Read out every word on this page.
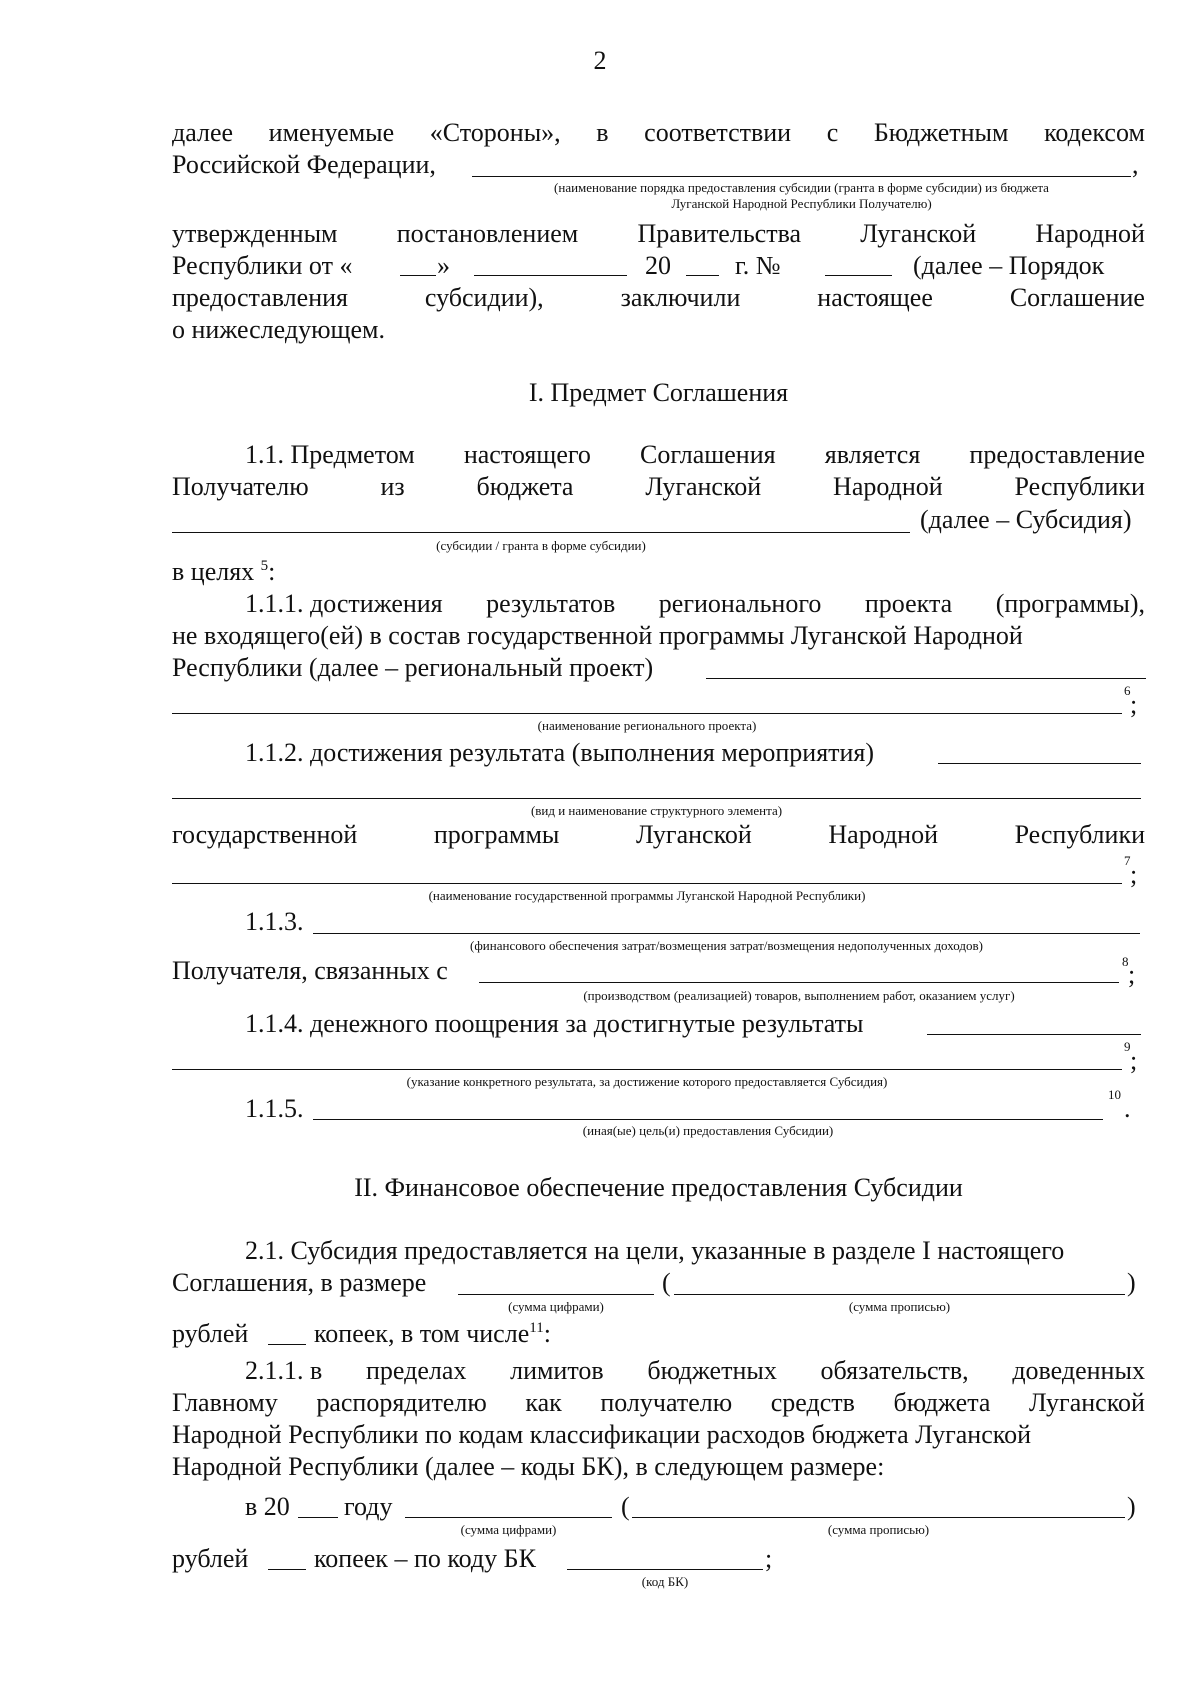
2
далее именуемые «Стороны», в соответствии с Бюджетным кодексом
Российской Федерации,	,
(наименование порядка предоставления субсидии (гранта в форме субсидии) из бюджета
Луганской Народной Республики Получателю)
утвержденным постановлением Правительства Луганской Народной
Республики от «	»	20 г. №	(далее – Порядок
предоставления	субсидии),	заключили	настоящее	Соглашение
о нижеследующем.
I. Предмет Соглашения
1.1. Предметом настоящего Соглашения является предоставление
Получателю	из	бюджета	Луганской	Народной	Республики
(далее – Субсидия)
(субсидии / гранта в форме субсидии)
в целях $^5$:
1.1.1. достижения результатов регионального проекта (программы),
не входящего(ей) в состав государственной программы Луганской Народной
Республики (далее – региональный проект)
6 ;
(наименование регионального проекта)
1.1.2. достижения результата (выполнения мероприятия)
(вид и наименование структурного элемента)
государственной	программы	Луганской	Народной	Республики
7 ;
(наименование государственной программы Луганской Народной Республики)
1.1.3.
(финансового обеспечения затрат/возмещения затрат/возмещения недополученных доходов)
Получателя, связанных с	8 ;
(производством (реализацией) товаров, выполнением работ, оказанием услуг)
1.1.4. денежного поощрения за достигнутые результаты
9 ;
(указание конкретного результата, за достижение которого предоставляется Субсидия)
1.1.5.	10 .
(иная(ые) цель(и) предоставления Субсидии)
II. Финансовое обеспечение предоставления Субсидии
2.1. Субсидия предоставляется на цели, указанные в разделе I настоящего
Соглашения, в размере	(	)
(сумма цифрами)	(сумма прописью)
рублей	копеек, в том числе$^{11}$:
2.1.1. в пределах лимитов бюджетных обязательств, доведенных
Главному распорядителю как получателю средств бюджета Луганской
Народной Республики по кодам классификации расходов бюджета Луганской
Народной Республики (далее – коды БК), в следующем размере:
в 20 году	(	)
(сумма цифрами)	(сумма прописью)
рублей	копеек – по коду БК	;
(код БК)
